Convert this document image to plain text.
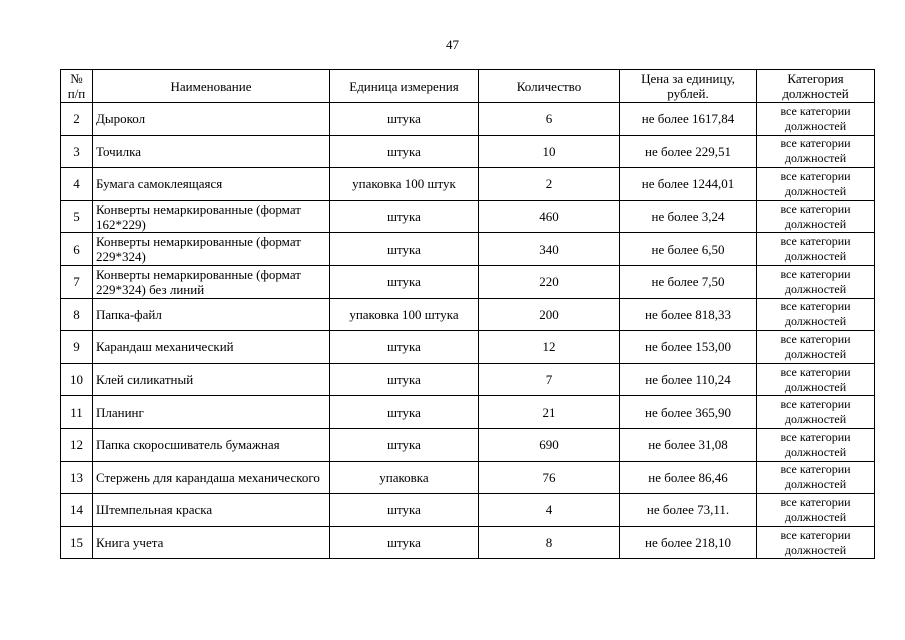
47
№ п/п	Наименование	Единица измерения	Количество	Цена за единицу, рублей.	Категория должностей
2	Дырокол	штука	6	не более 1617,84	все категории должностей
3	Точилка	штука	10	не более 229,51	все категории должностей
4	Бумага самоклеящаяся	упаковка 100 штук	2	не более 1244,01	все категории должностей
5	Конверты немаркированные (формат 162*229)	штука	460	не более 3,24	все категории должностей
6	Конверты немаркированные (формат 229*324)	штука	340	не более 6,50	все категории должностей
7	Конверты немаркированные (формат 229*324) без линий	штука	220	не более 7,50	все категории должностей
8	Папка-файл	упаковка 100 штука	200	не более 818,33	все категории должностей
9	Карандаш механический	штука	12	не более 153,00	все категории должностей
10	Клей силикатный	штука	7	не более 110,24	все категории должностей
11	Планинг	штука	21	не более 365,90	все категории должностей
12	Папка скоросшиватель бумажная	штука	690	не более 31,08	все категории должностей
13	Стержень для карандаша механического	упаковка	76	не более 86,46	все категории должностей
14	Штемпельная краска	штука	4	не более 73,11.	все категории должностей
15	Книга учета	штука	8	не более 218,10	все категории должностей
